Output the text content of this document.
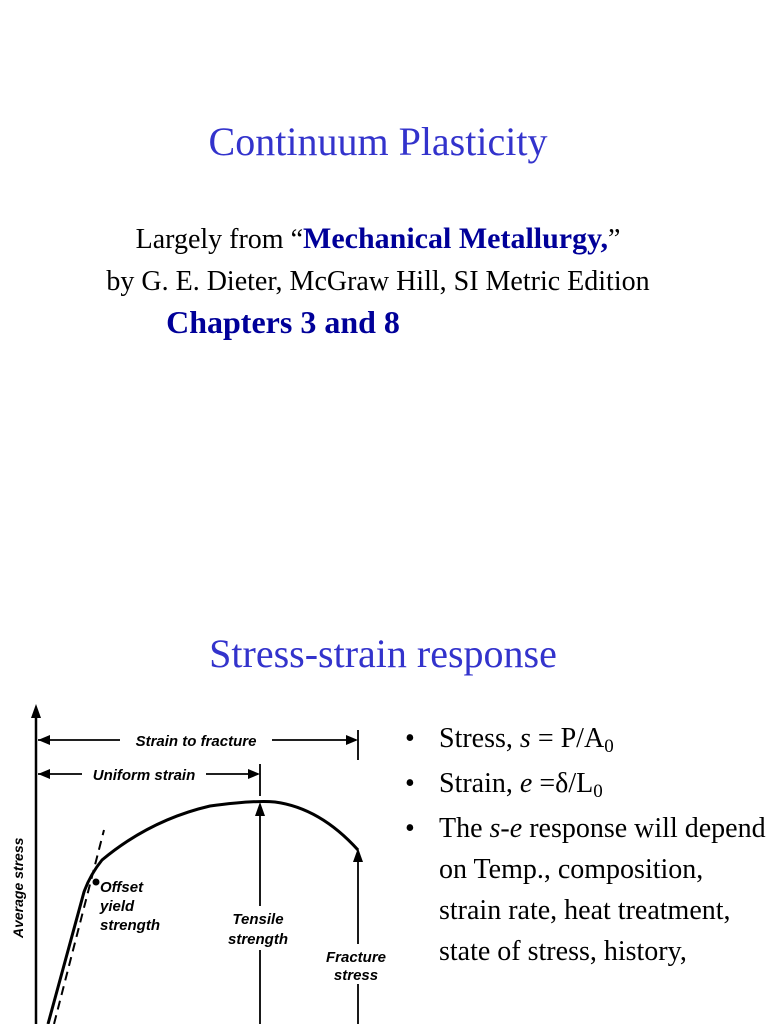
Continuum Plasticity
Largely from “Mechanical Metallurgy,”
by G. E. Dieter, McGraw Hill, SI Metric Edition
Chapters 3 and 8
Stress-strain response
Average stress
Strain to fracture
Uniform strain
Tensile
strength
Fracture
stress
Offset
yield
strength
• Stress, $s = P/A_0$
• Strain, $e =\delta/L_0$
• The s-e response will depend on Temp., composition, strain rate, heat treatment, state of stress, history,
